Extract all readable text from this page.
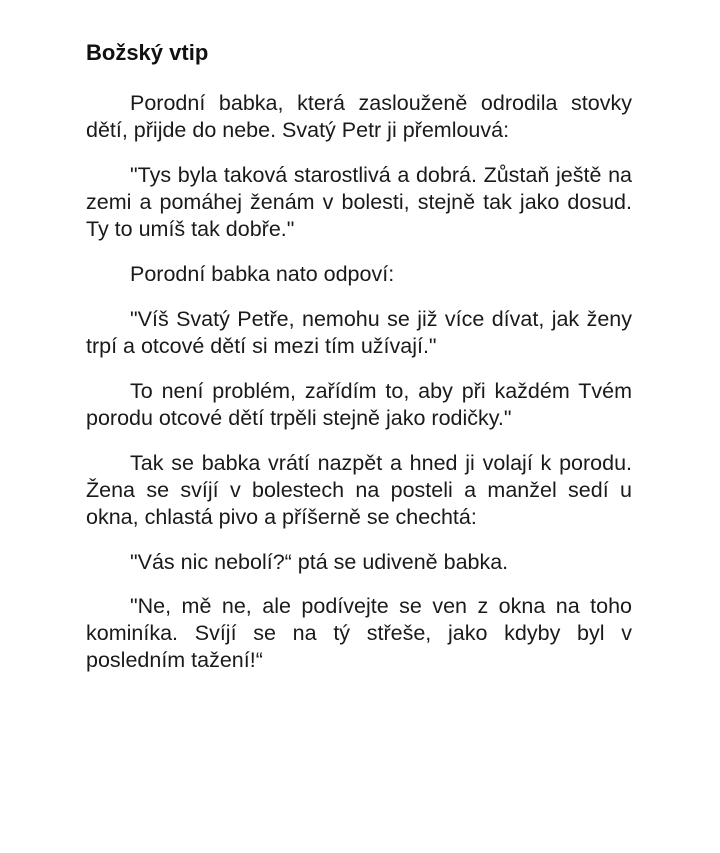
Božský vtip

Porodní babka, která zaslouženě odrodila stovky dětí, přijde do nebe. Svatý Petr ji přemlouvá:

"Tys byla taková starostlivá a dobrá. Zůstaň ještě na zemi a pomáhej ženám v bolesti, stejně tak jako dosud. Ty to umíš tak dobře."

Porodní babka nato odpoví:

"Víš Svatý Petře, nemohu se již více dívat, jak ženy trpí a otcové dětí si mezi tím užívají."

To není problém, zařídím to, aby při každém Tvém porodu otcové dětí trpěli stejně jako rodičky."

Tak se babka vrátí nazpět a hned ji volají k porodu. Žena se svíjí v bolestech na posteli a manžel sedí u okna, chlastá pivo a příšerně se chechtá:

"Vás nic nebolí?“ ptá se udiveně babka.

"Ne, mě ne, ale podívejte se ven z okna na toho kominíka. Svíjí se na tý střeše, jako kdyby byl v posledním tažení!“
